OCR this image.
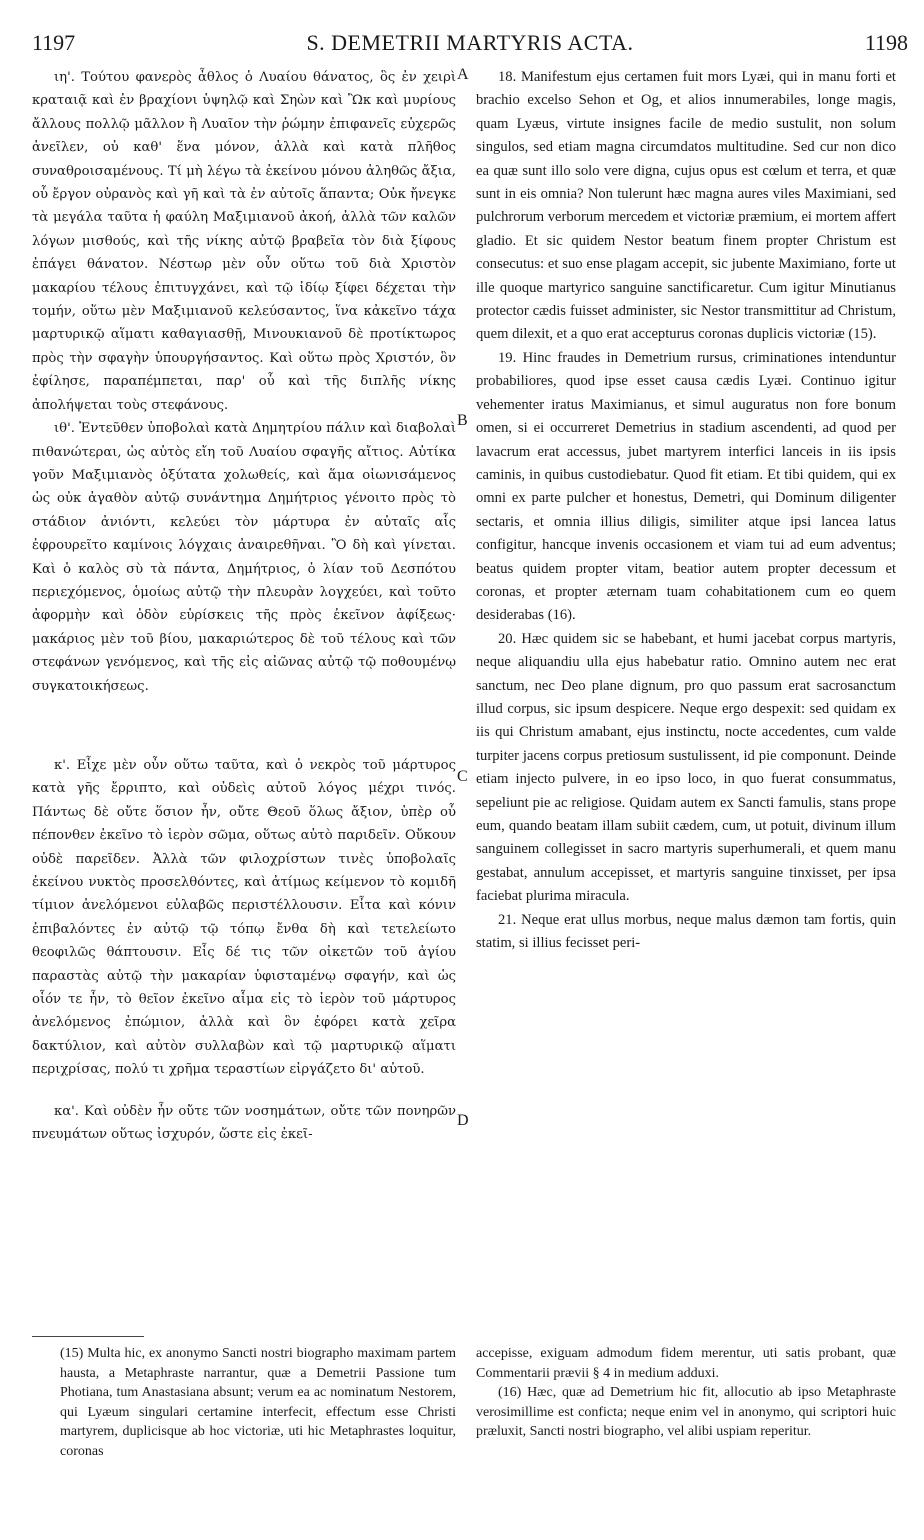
1197	S. DEMETRII MARTYRIS ACTA.	1198

ιη'. Τούτου φανερὸς ἆθλος ὁ Λυαίου θάνατος, ὃς ἐν χειρὶ κραταιᾷ καὶ ἐν βραχίονι ὑψηλῷ καὶ Σηὼν καὶ Ὢκ καὶ μυρίους ἄλλους πολλῷ μᾶλλον ἢ Λυαῖον τὴν ῥώμην ἐπιφανεῖς εὐχερῶς ἀνεῖλεν, οὐ καθ' ἕνα μόνον, ἀλλὰ καὶ κατὰ πλῆθος συναθροισαμένους. Τί μὴ λέγω τὰ ἐκείνου μόνου ἀληθῶς ἄξια, οὗ ἔργον οὐρανὸς καὶ γῆ καὶ τὰ ἐν αὐτοῖς ἅπαντα; Οὐκ ἤνεγκε τὰ μεγάλα ταῦτα ἡ φαύλη Μαξιμιανοῦ ἀκοή, ἀλλὰ τῶν καλῶν λόγων μισθούς, καὶ τῆς νίκης αὐτῷ βραβεῖα τὸν διὰ ξίφους ἐπάγει θάνατον. Νέστωρ μὲν οὖν οὕτω τοῦ διὰ Χριστὸν μακαρίου τέλους ἐπιτυγχάνει, καὶ τῷ ἰδίῳ ξίφει δέχεται τὴν τομήν, οὕτω μὲν Μαξιμιανοῦ κελεύσαντος, ἵνα κἀκεῖνο τάχα μαρτυρικῷ αἵματι καθαγιασθῇ, Μινουκιανοῦ δὲ προτίκτωρος πρὸς τὴν σφαγὴν ὑπουργήσαντος. Καὶ οὕτω πρὸς Χριστόν, ὃν ἐφίλησε, παραπέμπεται, παρ' οὗ καὶ τῆς διπλῆς νίκης ἀπολήψεται τοὺς στεφάνους.

ιθ'. Ἐντεῦθεν ὑποβολαὶ κατὰ Δημητρίου πάλιν καὶ διαβολαὶ πιθανώτεραι, ὡς αὐτὸς εἴη τοῦ Λυαίου σφαγῆς αἴτιος. Αὐτίκα γοῦν Μαξιμιανὸς ὀξύτατα χολωθείς, καὶ ἅμα οἰωνισάμενος ὡς οὐκ ἀγαθὸν αὐτῷ συνάντημα Δημήτριος γένοιτο πρὸς τὸ στάδιον ἀνιόντι, κελεύει τὸν μάρτυρα ἐν αὐταῖς αἷς ἐφρουρεῖτο καμίνοις λόγχαις ἀναιρεθῆναι. Ὃ δὴ καὶ γίνεται. Καὶ ὁ καλὸς σὺ τὰ πάντα, Δημήτριος, ὁ λίαν τοῦ Δεσπότου περιεχόμενος, ὁμοίως αὐτῷ τὴν πλευρὰν λογχεύει, καὶ τοῦτο ἀφορμὴν καὶ ὁδὸν εὑρίσκεις τῆς πρὸς ἐκεῖνον ἀφίξεως· μακάριος μὲν τοῦ βίου, μακαριώτερος δὲ τοῦ τέλους καὶ τῶν στεφάνων γενόμενος, καὶ τῆς εἰς αἰῶνας αὐτῷ τῷ ποθουμένῳ συγκατοικήσεως.

κ'. Εἶχε μὲν οὖν οὕτω ταῦτα, καὶ ὁ νεκρὸς τοῦ μάρτυρος κατὰ γῆς ἔρριπτο, καὶ οὐδεὶς αὐτοῦ λόγος μέχρι τινός. Πάντως δὲ οὔτε ὅσιον ἦν, οὔτε Θεοῦ ὅλως ἄξιον, ὑπὲρ οὗ πέπονθεν ἐκεῖνο τὸ ἱερὸν σῶμα, οὕτως αὐτὸ παριδεῖν. Οὔκουν οὐδὲ παρεῖδεν. Ἀλλὰ τῶν φιλοχρίστων τινὲς ὑποβολαῖς ἐκείνου νυκτὸς προσελθόντες, καὶ ἀτίμως κείμενον τὸ κομιδῆ τίμιον ἀνελόμενοι εὐλαβῶς περιστέλλουσιν. Εἶτα καὶ κόνιν ἐπιβαλόντες ἐν αὐτῷ τῷ τόπῳ ἔνθα δὴ καὶ τετελείωτο θεοφιλῶς θάπτουσιν. Εἷς δέ τις τῶν οἰκετῶν τοῦ ἁγίου παραστὰς αὐτῷ τὴν μακαρίαν ὑφισταμένῳ σφαγήν, καὶ ὡς οἷόν τε ἦν, τὸ θεῖον ἐκεῖνο αἷμα εἰς τὸ ἱερὸν τοῦ μάρτυρος ἀνελόμενος ἐπώμιον, ἀλλὰ καὶ ὃν ἐφόρει κατὰ χεῖρα δακτύλιον, καὶ αὐτὸν συλλαβὼν καὶ τῷ μαρτυρικῷ αἵματι περιχρίσας, πολύ τι χρῆμα τεραστίων εἰργάζετο δι' αὐτοῦ.

κα'. Καὶ οὐδὲν ἦν οὔτε τῶν νοσημάτων, οὔτε τῶν πονηρῶν πνευμάτων οὕτως ἰσχυρόν, ὥστε εἰς ἐκεῖ-

A
B
C
D

18. Manifestum ejus certamen fuit mors Lyæi, qui in manu forti et brachio excelso Sehon et Og, et alios innumerabiles, longe magis, quam Lyæus, virtute insignes facile de medio sustulit, non solum singulos, sed etiam magna circumdatos multitudine. Sed cur non dico ea quæ sunt illo solo vere digna, cujus opus est cœlum et terra, et quæ sunt in eis omnia? Non tulerunt hæc magna aures viles Maximiani, sed pulchrorum verborum mercedem et victoriæ præmium, ei mortem affert gladio. Et sic quidem Nestor beatum finem propter Christum est consecutus: et suo ense plagam accepit, sic jubente Maximiano, forte ut ille quoque martyrico sanguine sanctificaretur. Cum igitur Minutianus protector cædis fuisset administer, sic Nestor transmittitur ad Christum, quem dilexit, et a quo erat accepturus coronas duplicis victoriæ (15).

19. Hinc fraudes in Demetrium rursus, criminationes intenduntur probabiliores, quod ipse esset causa cædis Lyæi. Continuo igitur vehementer iratus Maximianus, et simul auguratus non fore bonum omen, si ei occurreret Demetrius in stadium ascendenti, ad quod per lavacrum erat accessus, jubet martyrem interfici lanceis in iis ipsis caminis, in quibus custodiebatur. Quod fit etiam. Et tibi quidem, qui ex omni ex parte pulcher et honestus, Demetri, qui Dominum diligenter sectaris, et omnia illius diligis, similiter atque ipsi lancea latus configitur, hancque invenis occasionem et viam tui ad eum adventus; beatus quidem propter vitam, beatior autem propter decessum et coronas, et propter æternam tuam cohabitationem cum eo quem desiderabas (16).

20. Hæc quidem sic se habebant, et humi jacebat corpus martyris, neque aliquandiu ulla ejus habebatur ratio. Omnino autem nec erat sanctum, nec Deo plane dignum, pro quo passum erat sacrosanctum illud corpus, sic ipsum despicere. Neque ergo despexit: sed quidam ex iis qui Christum amabant, ejus instinctu, nocte accedentes, cum valde turpiter jacens corpus pretiosum sustulissent, id pie componunt. Deinde etiam injecto pulvere, in eo ipso loco, in quo fuerat consummatus, sepeliunt pie ac religiose. Quidam autem ex Sancti famulis, stans prope eum, quando beatam illam subiit cædem, cum, ut potuit, divinum illum sanguinem collegisset in sacro martyris superhumerali, et quem manu gestabat, annulum accepisset, et martyris sanguine tinxisset, per ipsa faciebat plurima miracula.

21. Neque erat ullus morbus, neque malus dæmon tam fortis, quin statim, si illius fecisset peri-

(15) Multa hic, ex anonymo Sancti nostri biographo maximam partem hausta, a Metaphraste narrantur, quæ a Demetrii Passione tum Photiana, tum Anastasiana absunt; verum ea ac nominatum Nestorem, qui Lyæum singulari certamine interfecit, effectum esse Christi martyrem, duplicisque ab hoc victoriæ, uti hic Metaphrastes loquitur, coronas

accepisse, exiguam admodum fidem merentur, uti satis probant, quæ Commentarii prævii § 4 in medium adduxi.

(16) Hæc, quæ ad Demetrium hic fit, allocutio ab ipso Metaphraste verosimillime est conficta; neque enim vel in anonymo, qui scriptori huic præluxit, Sancti nostri biographo, vel alibi uspiam reperitur.
